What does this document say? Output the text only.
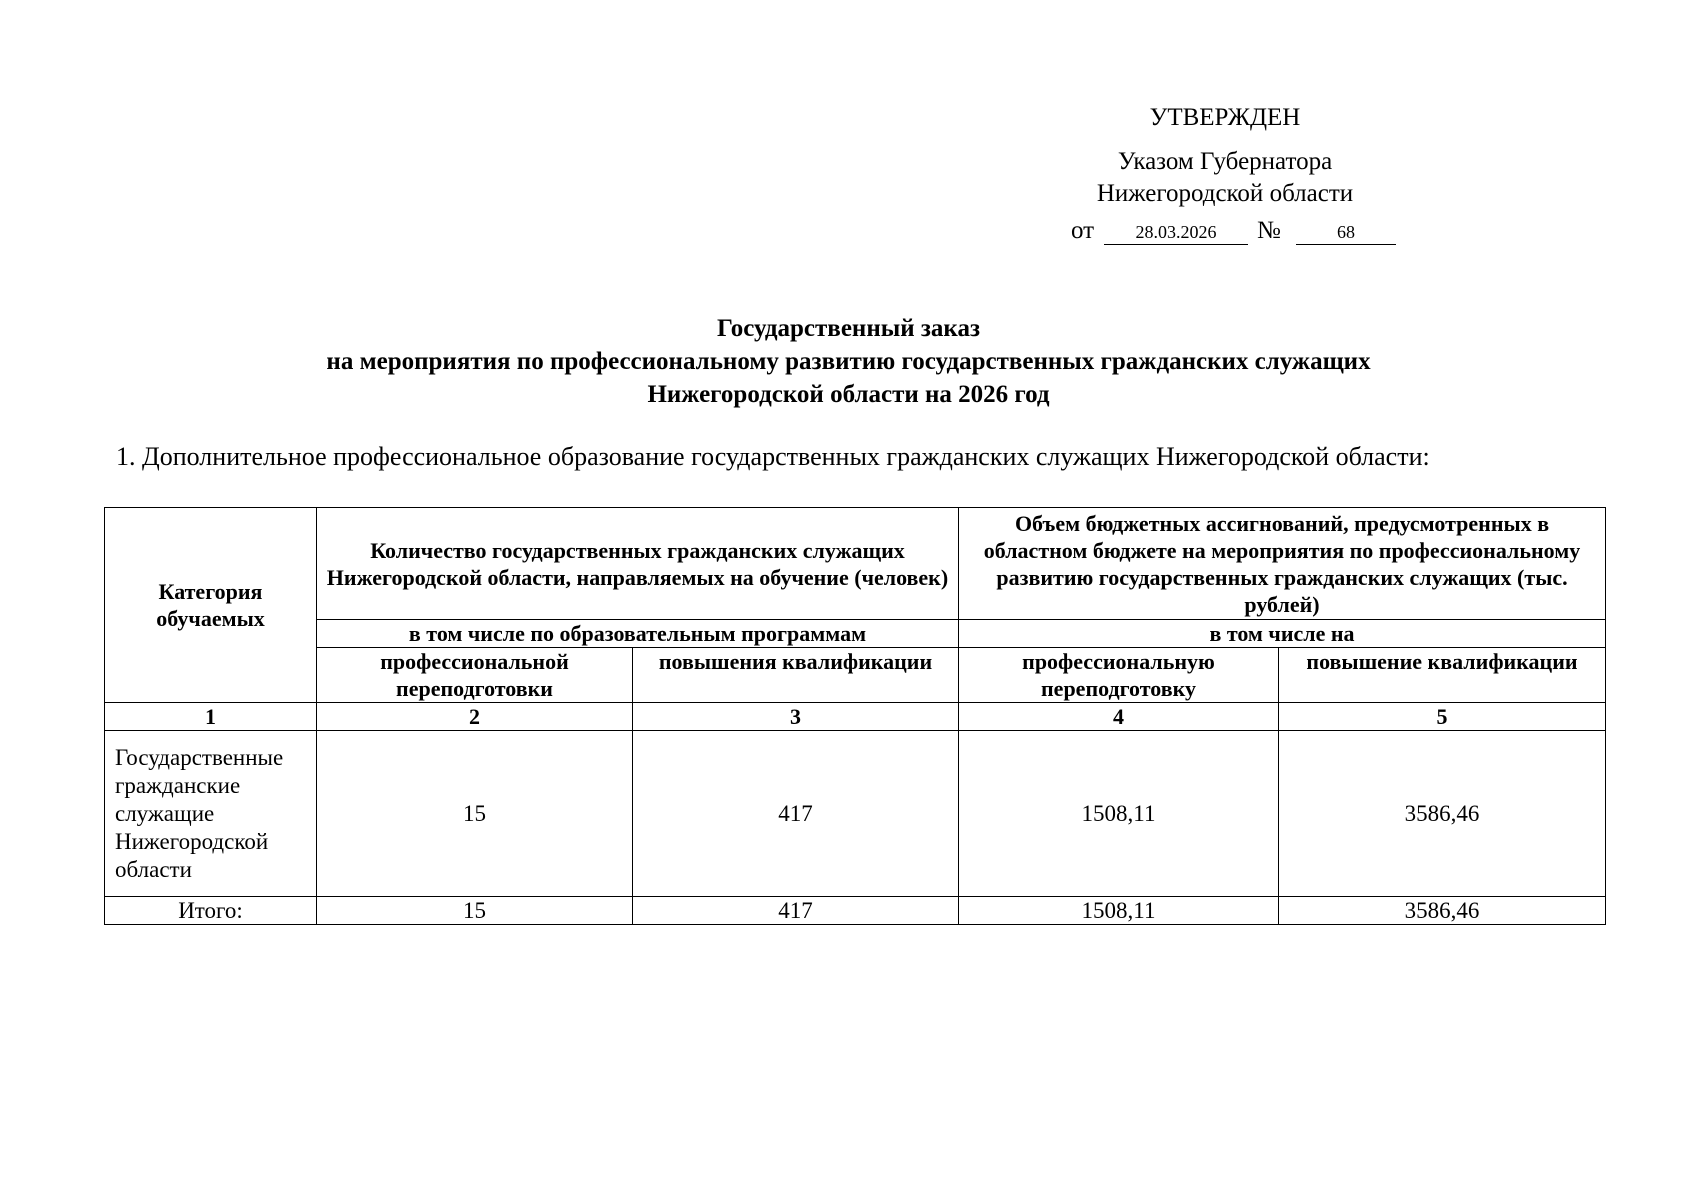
УТВЕРЖДЕН
Указом Губернатора
Нижегородской области
от	28.03.2026	№	68
Государственный заказ
на мероприятия по профессиональному развитию государственных гражданских служащих
Нижегородской области на 2026 год
1. Дополнительное профессиональное образование государственных гражданских служащих Нижегородской области:
Категория обучаемых	Количество государственных гражданских служащих Нижегородской области, направляемых на обучение (человек)		Объем бюджетных ассигнований, предусмотренных в областном бюджете на мероприятия по профессиональному развитию государственных гражданских служащих (тыс. рублей)	
	в том числе по образовательным программам		в том числе на	
	профессиональной переподготовки	повышения квалификации	профессиональную переподготовку	повышение квалификации
1	2	3	4	5
Государственные гражданские служащие Нижегородской области	15	417	1508,11	3586,46
Итого:	15	417	1508,11	3586,46
